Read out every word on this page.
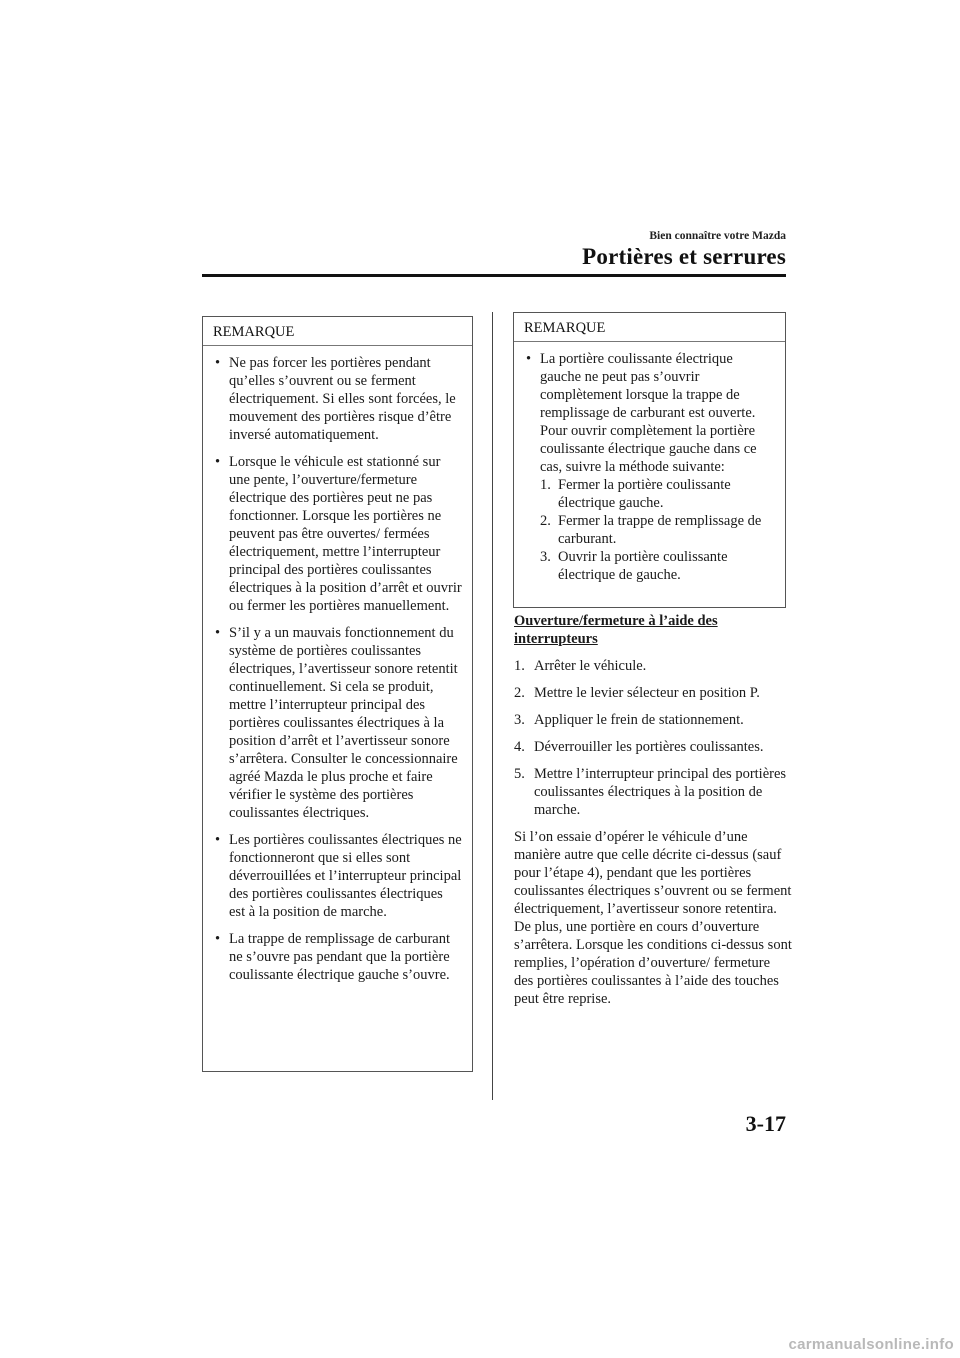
Bien connaître votre Mazda
Portières et serrures
REMARQUE
• Ne pas forcer les portières pendant qu’elles s’ouvrent ou se ferment électriquement. Si elles sont forcées, le mouvement des portières risque d’être inversé automatiquement.
• Lorsque le véhicule est stationné sur une pente, l’ouverture/fermeture électrique des portières peut ne pas fonctionner. Lorsque les portières ne peuvent pas être ouvertes/ fermées électriquement, mettre l’interrupteur principal des portières coulissantes électriques à la position d’arrêt et ouvrir ou fermer les portières manuellement.
• S’il y a un mauvais fonctionnement du système de portières coulissantes électriques, l’avertisseur sonore retentit continuellement. Si cela se produit, mettre l’interrupteur principal des portières coulissantes électriques à la position d’arrêt et l’avertisseur sonore s’arrêtera. Consulter le concessionnaire agréé Mazda le plus proche et faire vérifier le système des portières coulissantes électriques.
• Les portières coulissantes électriques ne fonctionneront que si elles sont déverrouillées et l’interrupteur principal des portières coulissantes électriques est à la position de marche.
• La trappe de remplissage de carburant ne s’ouvre pas pendant que la portière coulissante électrique gauche s’ouvre.
REMARQUE
• La portière coulissante électrique gauche ne peut pas s’ouvrir complètement lorsque la trappe de remplissage de carburant est ouverte. Pour ouvrir complètement la portière coulissante électrique gauche dans ce cas, suivre la méthode suivante:
1. Fermer la portière coulissante électrique gauche.
2. Fermer la trappe de remplissage de carburant.
3. Ouvrir la portière coulissante électrique de gauche.

Ouverture/fermeture à l’aide des interrupteurs

1. Arrêter le véhicule.
2. Mettre le levier sélecteur en position P.
3. Appliquer le frein de stationnement.
4. Déverrouiller les portières coulissantes.
5. Mettre l’interrupteur principal des portières coulissantes électriques à la position de marche.

Si l’on essaie d’opérer le véhicule d’une manière autre que celle décrite ci-dessus (sauf pour l’étape 4), pendant que les portières coulissantes électriques s’ouvrent ou se ferment électriquement, l’avertisseur sonore retentira. De plus, une portière en cours d’ouverture s’arrêtera. Lorsque les conditions ci-dessus sont remplies, l’opération d’ouverture/ fermeture des portières coulissantes à l’aide des touches peut être reprise.

3-17
carmanualsonline.info
